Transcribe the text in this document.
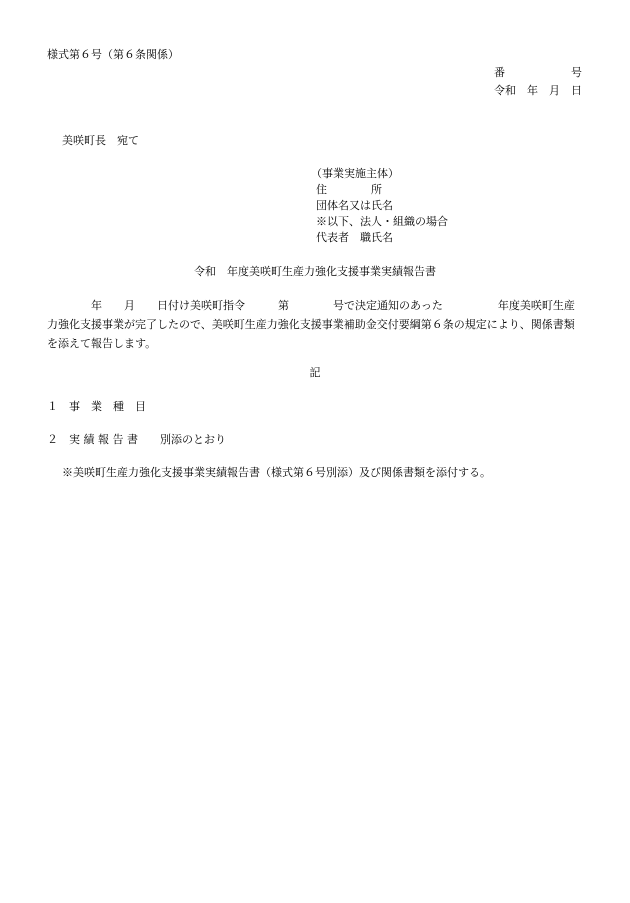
様式第６号（第６条関係）
番　　　　　　号
令和　年　月　日
美咲町長　宛て
（事業実施主体）
住　　　　所
団体名又は氏名
※以下、法人・組織の場合
代表者　職氏名
令和　年度美咲町生産力強化支援事業実績報告書
　　　　年　　月　　日付け美咲町指令　　　第　　　　号で決定通知のあった　　　　　年度美咲町生産力強化支援事業が完了したので、美咲町生産力強化支援事業補助金交付要綱第６条の規定により、関係書類を添えて報告します。
記
１　事　業　種　目
２　実 績 報 告 書　　別添のとおり
※美咲町生産力強化支援事業実績報告書（様式第６号別添）及び関係書類を添付する。
